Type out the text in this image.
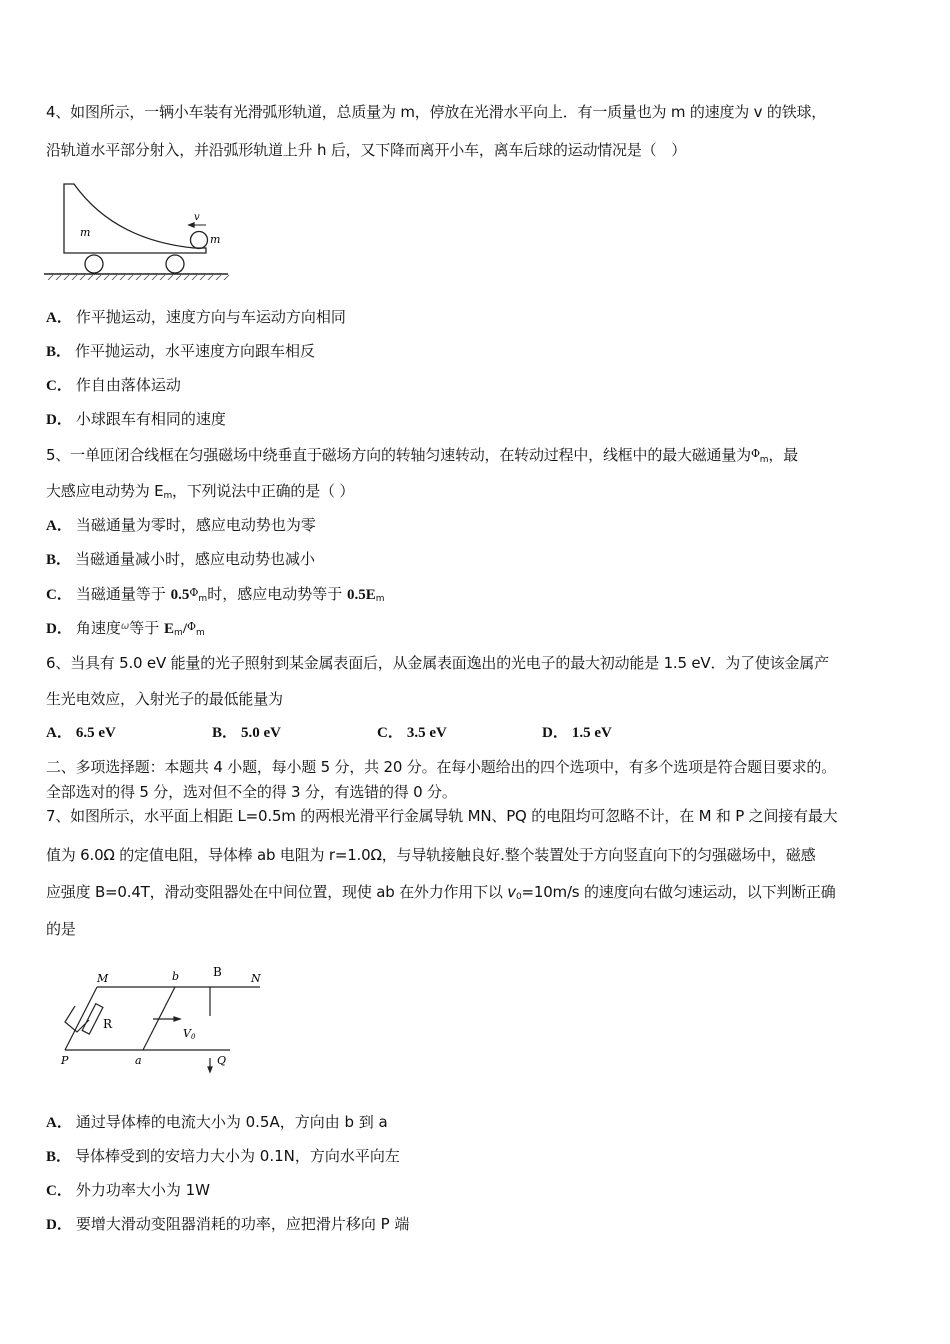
4、如图所示，一辆小车装有光滑弧形轨道，总质量为 m，停放在光滑水平向上．有一质量也为 m 的速度为 v 的铁球，
沿轨道水平部分射入，并沿弧形轨道上升 h 后，又下降而离开小车，离车后球的运动情况是（　）
m
m
v
A． 作平抛运动，速度方向与车运动方向相同
B． 作平抛运动，水平速度方向跟车相反
C． 作自由落体运动
D． 小球跟车有相同的速度
5、一单匝闭合线框在匀强磁场中绕垂直于磁场方向的转轴匀速转动，在转动过程中，线框中的最大磁通量为$^\Phi_m$，最
大感应电动势为 $E_m$，下列说法中正确的是（ ）
A． 当磁通量为零时，感应电动势也为零
B． 当磁通量减小时，感应电动势也减小
C． 当磁通量等于 $0.5^\Phi_m$时，感应电动势等于 $0.5E_m$
D． 角速度$^\omega$等于 $E_m/^\Phi_m$
6、当具有 5.0 eV 能量的光子照射到某金属表面后，从金属表面逸出的光电子的最大初动能是 1.5 eV．为了使该金属产
生光电效应，入射光子的最低能量为
A． 6.5 eV	B． 5.0 eV	C． 3.5 eV	D． 1.5 eV
二、多项选择题：本题共 4 小题，每小题 5 分，共 20 分。在每小题给出的四个选项中，有多个选项是符合题目要求的。
全部选对的得 5 分，选对但不全的得 3 分，有选错的得 0 分。
7、如图所示，水平面上相距 L=0.5m 的两根光滑平行金属导轨 MN、PQ 的电阻均可忽略不计，在 M 和 P 之间接有最大
值为 6.0Ω 的定值电阻，导体棒 ab 电阻为 r=1.0Ω，与导轨接触良好.整个装置处于方向竖直向下的匀强磁场中，磁感
应强度 B=0.4T，滑动变阻器处在中间位置，现使 ab 在外力作用下以 $v_0=10m/s$ 的速度向右做匀速运动，以下判断正确
的是
M	b	B	N
R
V0
P	a	Q
A． 通过导体棒的电流大小为 0.5A，方向由 b 到 a
B． 导体棒受到的安培力大小为 0.1N，方向水平向左
C． 外力功率大小为 1W
D． 要增大滑动变阻器消耗的功率，应把滑片移向 P 端
